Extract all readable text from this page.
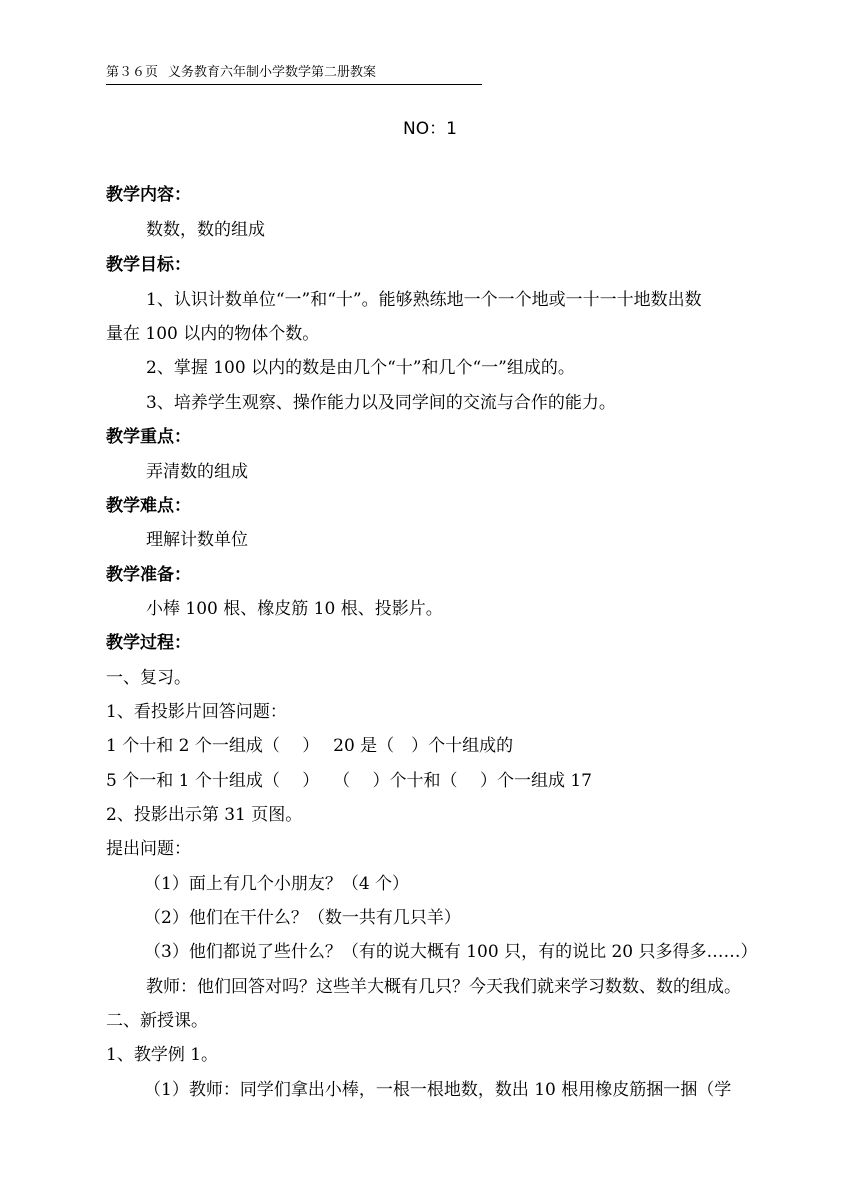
第３６页 义务教育六年制小学数学第二册教案
NO：1
教学内容：
数数，数的组成
教学目标：
1、认识计数单位“一”和“十”。能够熟练地一个一个地或一十一十地数出数
量在 100 以内的物体个数。
2、掌握 100 以内的数是由几个“十”和几个“一”组成的。
3、培养学生观察、操作能力以及同学间的交流与合作的能力。
教学重点：
弄清数的组成
教学难点：
理解计数单位
教学准备：
小棒 100 根、橡皮筋 10 根、投影片。
教学过程：
一、复习。
1、看投影片回答问题：
1 个十和 2 个一组成（　 ）　 20 是（　）个十组成的
5 个一和 1 个十组成（　 ）　 （　 ）个十和（　 ）个一组成 17
2、投影出示第 31 页图。
提出问题：
（1）面上有几个小朋友？（4 个）
（2）他们在干什么？（数一共有几只羊）
（3）他们都说了些什么？（有的说大概有 100 只，有的说比 20 只多得多……）
教师：他们回答对吗？这些羊大概有几只？今天我们就来学习数数、数的组成。
二、新授课。
1、教学例 1。
（1）教师：同学们拿出小棒，一根一根地数，数出 10 根用橡皮筋捆一捆（学
